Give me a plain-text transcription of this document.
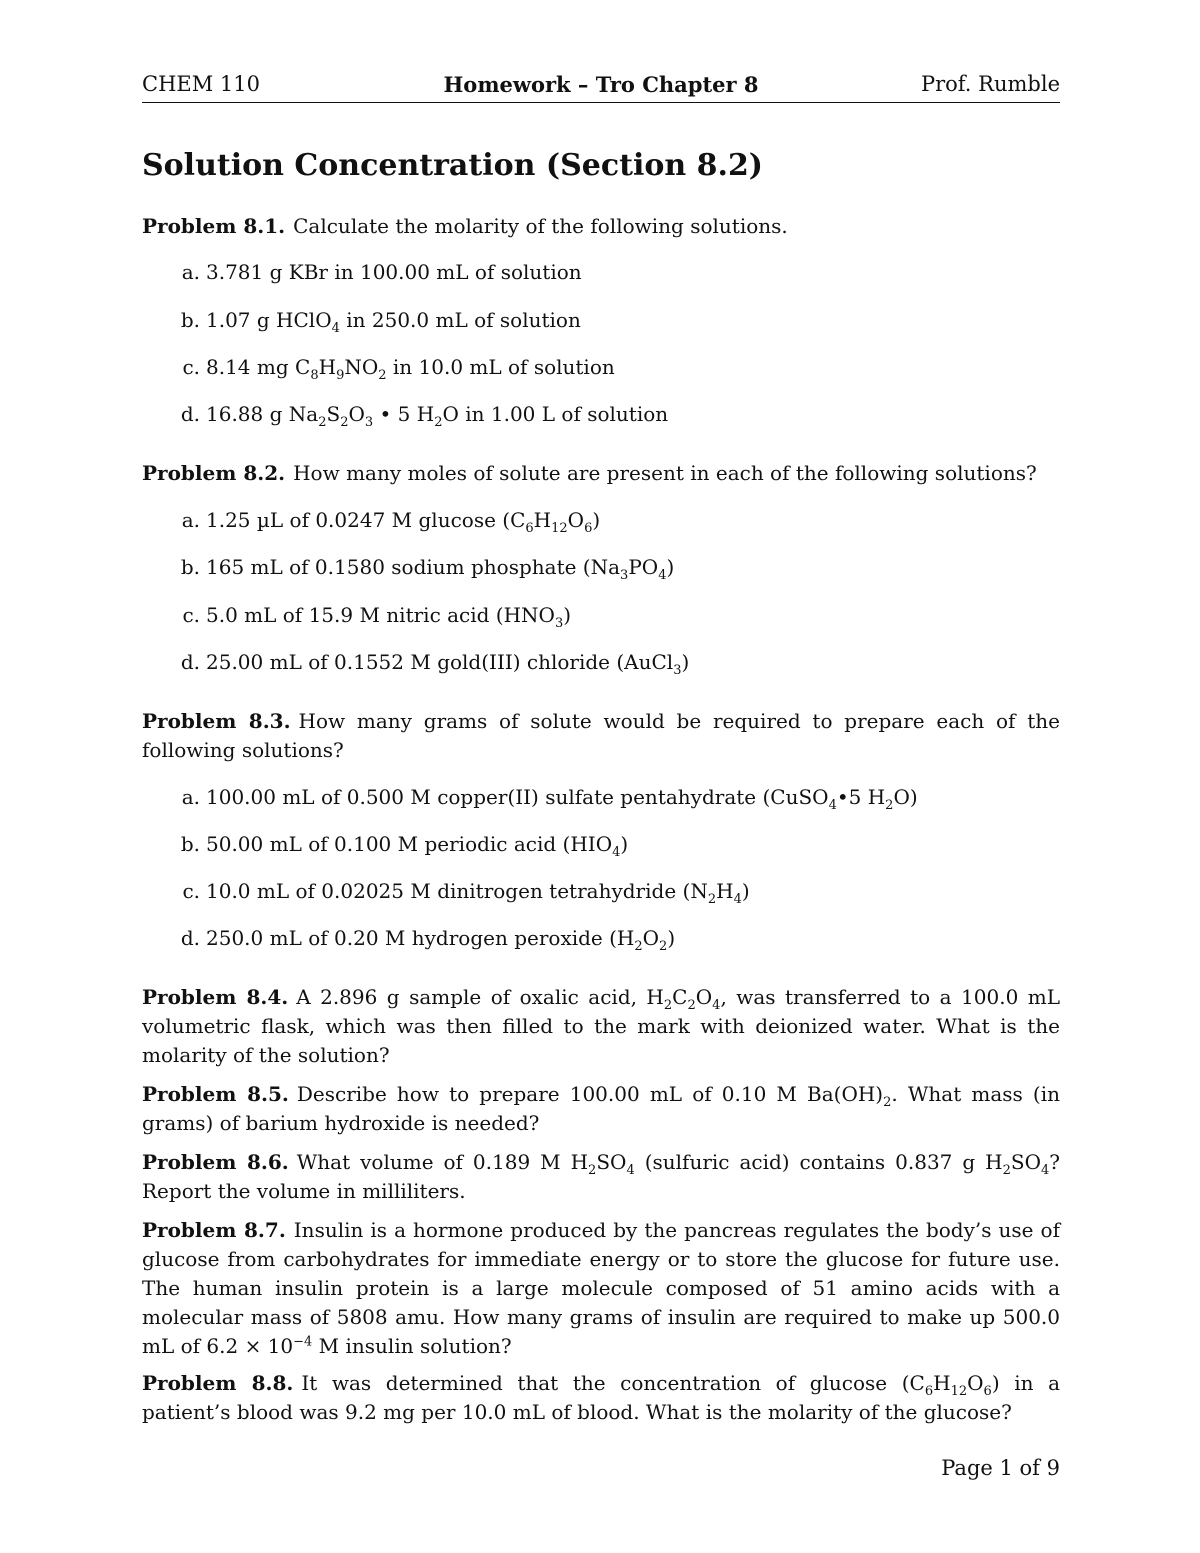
CHEM 110	Homework – Tro Chapter 8	Prof. Rumble
Solution Concentration (Section 8.2)
Problem 8.1. Calculate the molarity of the following solutions.
a. 3.781 g KBr in 100.00 mL of solution
b. 1.07 g HClO$_4$ in 250.0 mL of solution
c. 8.14 mg $C_8H_9NO_2$ in 10.0 mL of solution
d. 16.88 g $Na_2S_2O_3$ • 5 $H_2O$ in 1.00 L of solution
Problem 8.2. How many moles of solute are present in each of the following solutions?
a. 1.25 µL of 0.0247 M glucose $(C_6H_{12}O_6)$
b. 165 mL of 0.1580 sodium phosphate $(Na_3PO_4)$
c. 5.0 mL of 15.9 M nitric acid $(HNO_3)$
d. 25.00 mL of 0.1552 M gold(III) chloride (AuCl$_3$)
Problem 8.3. How many grams of solute would be required to prepare each of the following solutions?
a. 100.00 mL of 0.500 M copper(II) sulfate pentahydrate (CuSO$_4$•5 $H_2O$)
b. 50.00 mL of 0.100 M periodic acid $(HIO_4)$
c. 10.0 mL of 0.02025 M dinitrogen tetrahydride $(N_2H_4)$
d. 250.0 mL of 0.20 M hydrogen peroxide $(H_2O_2)$
Problem 8.4. A 2.896 g sample of oxalic acid, $H_2C_2O_4$, was transferred to a 100.0 mL volumetric flask, which was then filled to the mark with deionized water. What is the molarity of the solution?
Problem 8.5. Describe how to prepare 100.00 mL of 0.10 M $Ba(OH)_2$. What mass (in grams) of barium hydroxide is needed?
Problem 8.6. What volume of 0.189 M $H_2SO_4$ (sulfuric acid) contains 0.837 g $H_2SO_4$? Report the volume in milliliters.
Problem 8.7. Insulin is a hormone produced by the pancreas regulates the body’s use of glucose from carbohydrates for immediate energy or to store the glucose for future use. The human insulin protein is a large molecule composed of 51 amino acids with a molecular mass of 5808 amu. How many grams of insulin are required to make up 500.0 mL of $6.2 \times 10^{-4}$ M insulin solution?
Problem 8.8. It was determined that the concentration of glucose $(C_6H_{12}O_6)$ in a patient’s blood was 9.2 mg per 10.0 mL of blood. What is the molarity of the glucose?
Page 1 of 9
